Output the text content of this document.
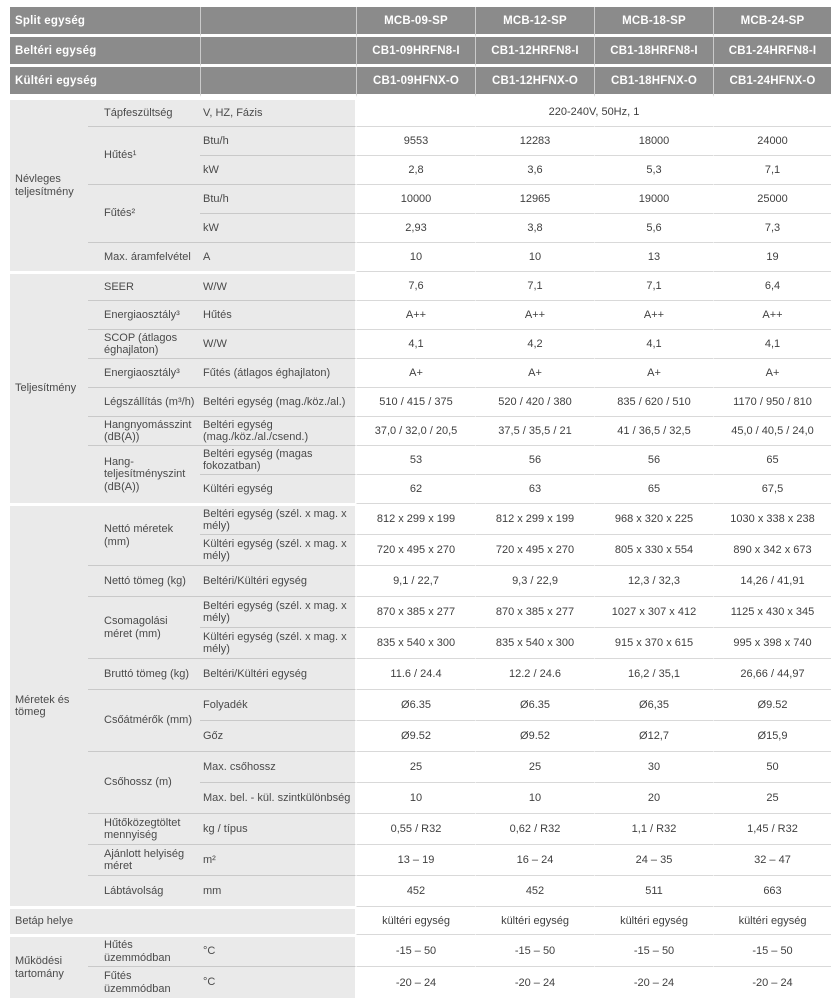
Split egység			MCB-09-SP	MCB-12-SP	MCB-18-SP	MCB-24-SP
Beltéri egység			CB1-09HRFN8-I	CB1-12HRFN8-I	CB1-18HRFN8-I	CB1-24HRFN8-I
Kültéri egység			CB1-09HFNX-O	CB1-12HFNX-O	CB1-18HFNX-O	CB1-24HFNX-O
Névleges teljesítmény	Tápfeszültség	V, HZ, Fázis	220-240V, 50Hz, 1			
	Hűtés¹	Btu/h	9553	12283	18000	24000
		kW	2,8	3,6	5,3	7,1
	Fűtés²	Btu/h	10000	12965	19000	25000
		kW	2,93	3,8	5,6	7,3
	Max. áramfelvétel	A	10	10	13	19
Teljesítmény	SEER	W/W	7,6	7,1	7,1	6,4
	Energiaosztály³	Hűtés	A++	A++	A++	A++
	SCOP (átlagos éghajlaton)	W/W	4,1	4,2	4,1	4,1
	Energiaosztály³	Fűtés (átlagos éghajlaton)	A+	A+	A+	A+
	Légszállítás (m³/h)	Beltéri egység (mag./köz./al.)	510 / 415 / 375	520 / 420 / 380	835 / 620 / 510	1170 / 950 / 810
	Hangnyomásszint (dB(A))	Beltéri egység (mag./köz./al./csend.)	37,0 / 32,0 / 20,5	37,5 / 35,5 / 21	41 / 36,5 / 32,5	45,0 / 40,5 / 24,0
	Hang-teljesítményszint (dB(A))	Beltéri egység (magas fokozatban)	53	56	56	65
		Kültéri egység	62	63	65	67,5
Méretek és tömeg	Nettó méretek (mm)	Beltéri egység (szél. x mag. x mély)	812 x 299 x 199	812 x 299 x 199	968 x 320 x 225	1030 x 338 x 238
		Kültéri egység (szél. x mag. x mély)	720 x 495 x 270	720 x 495 x 270	805 x 330 x 554	890 x 342 x 673
	Nettó tömeg (kg)	Beltéri/Kültéri egység	9,1 / 22,7	9,3 / 22,9	12,3 / 32,3	14,26 / 41,91
	Csomagolási méret (mm)	Beltéri egység (szél. x mag. x mély)	870 x 385 x 277	870 x 385 x 277	1027 x 307 x 412	1125 x 430 x 345
		Kültéri egység (szél. x mag. x mély)	835 x 540 x 300	835 x 540 x 300	915 x 370 x 615	995 x 398 x 740
	Bruttó tömeg (kg)	Beltéri/Kültéri egység	11.6 / 24.4	12.2 / 24.6	16,2 / 35,1	26,66 / 44,97
	Csőátmérők (mm)	Folyadék	Ø6.35	Ø6.35	Ø6,35	Ø9.52
		Gőz	Ø9.52	Ø9.52	Ø12,7	Ø15,9
	Csőhossz (m)	Max. csőhossz	25	25	30	50
		Max. bel. - kül. szintkülönbség	10	10	20	25
	Hűtőközegtöltet mennyiség	kg / típus	0,55 / R32	0,62 / R32	1,1 / R32	1,45 / R32
	Ajánlott helyiség méret	m²	13 – 19	16 – 24	24 – 35	32 – 47
	Lábtávolság	mm	452	452	511	663
Betáp helye			kültéri egység	kültéri egység	kültéri egység	kültéri egység
Működési tartomány	Hűtés üzemmódban	°C	-15 – 50	-15 – 50	-15 – 50	-15 – 50
	Fűtés üzemmódban	°C	-20 – 24	-20 – 24	-20 – 24	-20 – 24
